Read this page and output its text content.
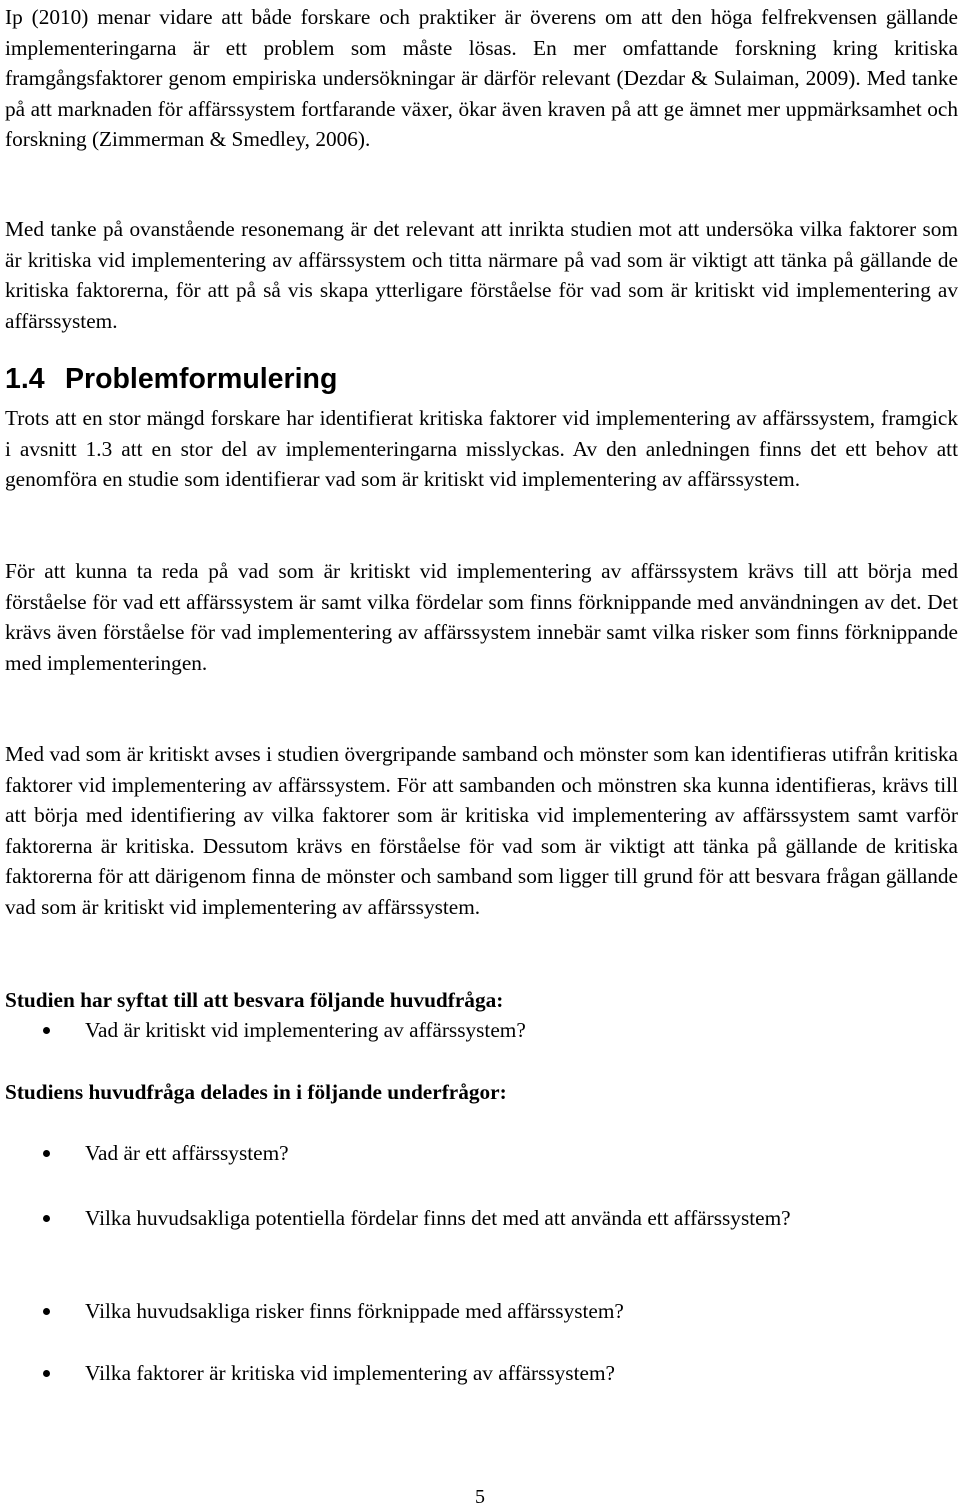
Ip (2010) menar vidare att både forskare och praktiker är överens om att den höga felfrekvensen gällande implementeringarna är ett problem som måste lösas. En mer omfattande forskning kring kritiska framgångsfaktorer genom empiriska undersökningar är därför relevant (Dezdar & Sulaiman, 2009). Med tanke på att marknaden för affärssystem fortfarande växer, ökar även kraven på att ge ämnet mer uppmärksamhet och forskning (Zimmerman & Smedley, 2006).

Med tanke på ovanstående resonemang är det relevant att inrikta studien mot att undersöka vilka faktorer som är kritiska vid implementering av affärssystem och titta närmare på vad som är viktigt att tänka på gällande de kritiska faktorerna, för att på så vis skapa ytterligare förståelse för vad som är kritiskt vid implementering av affärssystem.

1.4 Problemformulering

Trots att en stor mängd forskare har identifierat kritiska faktorer vid implementering av affärssystem, framgick i avsnitt 1.3 att en stor del av implementeringarna misslyckas. Av den anledningen finns det ett behov att genomföra en studie som identifierar vad som är kritiskt vid implementering av affärssystem.

För att kunna ta reda på vad som är kritiskt vid implementering av affärssystem krävs till att börja med förståelse för vad ett affärssystem är samt vilka fördelar som finns förknippande med användningen av det. Det krävs även förståelse för vad implementering av affärssystem innebär samt vilka risker som finns förknippande med implementeringen.

Med vad som är kritiskt avses i studien övergripande samband och mönster som kan identifieras utifrån kritiska faktorer vid implementering av affärssystem. För att sambanden och mönstren ska kunna identifieras, krävs till att börja med identifiering av vilka faktorer som är kritiska vid implementering av affärssystem samt varför faktorerna är kritiska. Dessutom krävs en förståelse för vad som är viktigt att tänka på gällande de kritiska faktorerna för att därigenom finna de mönster och samband som ligger till grund för att besvara frågan gällande vad som är kritiskt vid implementering av affärssystem.

Studien har syftat till att besvara följande huvudfråga:

Vad är kritiskt vid implementering av affärssystem?

Studiens huvudfråga delades in i följande underfrågor:

Vad är ett affärssystem?

Vilka huvudsakliga potentiella fördelar finns det med att använda ett affärssystem?

Vilka huvudsakliga risker finns förknippade med affärssystem?

Vilka faktorer är kritiska vid implementering av affärssystem?

5
